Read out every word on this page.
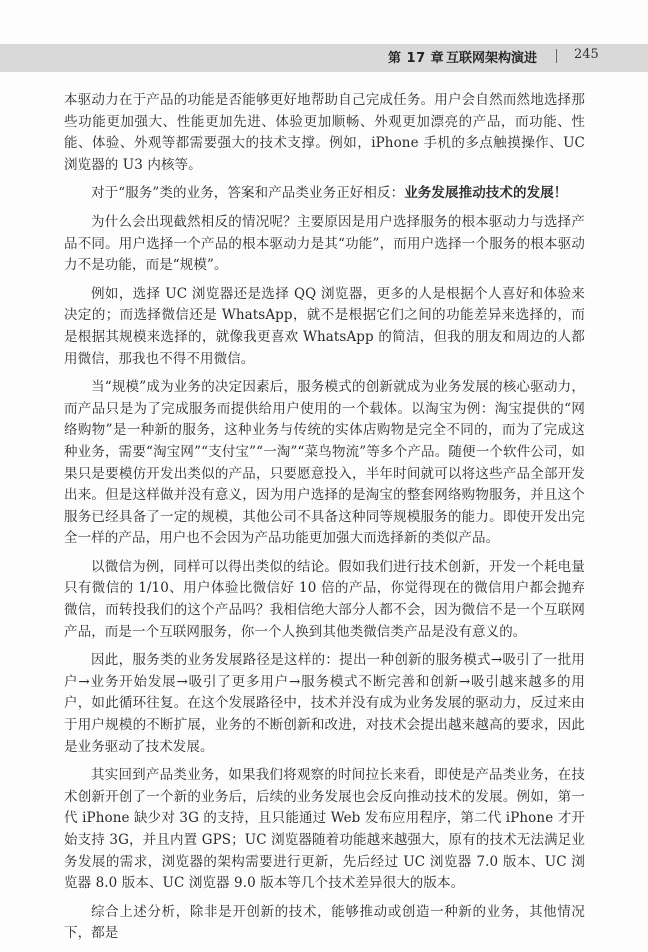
第 17 章 互联网架构演进	245

本驱动力在于产品的功能是否能够更好地帮助自己完成任务。用户会自然而然地选择那些功能更加强大、性能更加先进、体验更加顺畅、外观更加漂亮的产品，而功能、性能、体验、外观等都需要强大的技术支撑。例如，iPhone 手机的多点触摸操作、UC 浏览器的 U3 内核等。

对于“服务”类的业务，答案和产品类业务正好相反：业务发展推动技术的发展！

为什么会出现截然相反的情况呢？主要原因是用户选择服务的根本驱动力与选择产品不同。用户选择一个产品的根本驱动力是其“功能”，而用户选择一个服务的根本驱动力不是功能，而是“规模”。

例如，选择 UC 浏览器还是选择 QQ 浏览器，更多的人是根据个人喜好和体验来决定的；而选择微信还是 WhatsApp，就不是根据它们之间的功能差异来选择的，而是根据其规模来选择的，就像我更喜欢 WhatsApp 的简洁，但我的朋友和周边的人都用微信，那我也不得不用微信。

当“规模”成为业务的决定因素后，服务模式的创新就成为业务发展的核心驱动力，而产品只是为了完成服务而提供给用户使用的一个载体。以淘宝为例：淘宝提供的“网络购物”是一种新的服务，这种业务与传统的实体店购物是完全不同的，而为了完成这种业务，需要“淘宝网”“支付宝”“一淘”“菜鸟物流”等多个产品。随便一个软件公司，如果只是要模仿开发出类似的产品，只要愿意投入，半年时间就可以将这些产品全部开发出来。但是这样做并没有意义，因为用户选择的是淘宝的整套网络购物服务，并且这个服务已经具备了一定的规模，其他公司不具备这种同等规模服务的能力。即使开发出完全一样的产品，用户也不会因为产品功能更加强大而选择新的类似产品。

以微信为例，同样可以得出类似的结论。假如我们进行技术创新，开发一个耗电量只有微信的 1/10、用户体验比微信好 10 倍的产品，你觉得现在的微信用户都会抛弃微信，而转投我们的这个产品吗？我相信绝大部分人都不会，因为微信不是一个互联网产品，而是一个互联网服务，你一个人换到其他类微信类产品是没有意义的。

因此，服务类的业务发展路径是这样的：提出一种创新的服务模式→吸引了一批用户→业务开始发展→吸引了更多用户→服务模式不断完善和创新→吸引越来越多的用户，如此循环往复。在这个发展路径中，技术并没有成为业务发展的驱动力，反过来由于用户规模的不断扩展，业务的不断创新和改进，对技术会提出越来越高的要求，因此是业务驱动了技术发展。

其实回到产品类业务，如果我们将观察的时间拉长来看，即使是产品类业务，在技术创新开创了一个新的业务后，后续的业务发展也会反向推动技术的发展。例如，第一代 iPhone 缺少对 3G 的支持，且只能通过 Web 发布应用程序，第二代 iPhone 才开始支持 3G，并且内置 GPS；UC 浏览器随着功能越来越强大，原有的技术无法满足业务发展的需求，浏览器的架构需要进行更新，先后经过 UC 浏览器 7.0 版本、UC 浏览器 8.0 版本、UC 浏览器 9.0 版本等几个技术差异很大的版本。

综合上述分析，除非是开创新的技术，能够推动或创造一种新的业务，其他情况下，都是
